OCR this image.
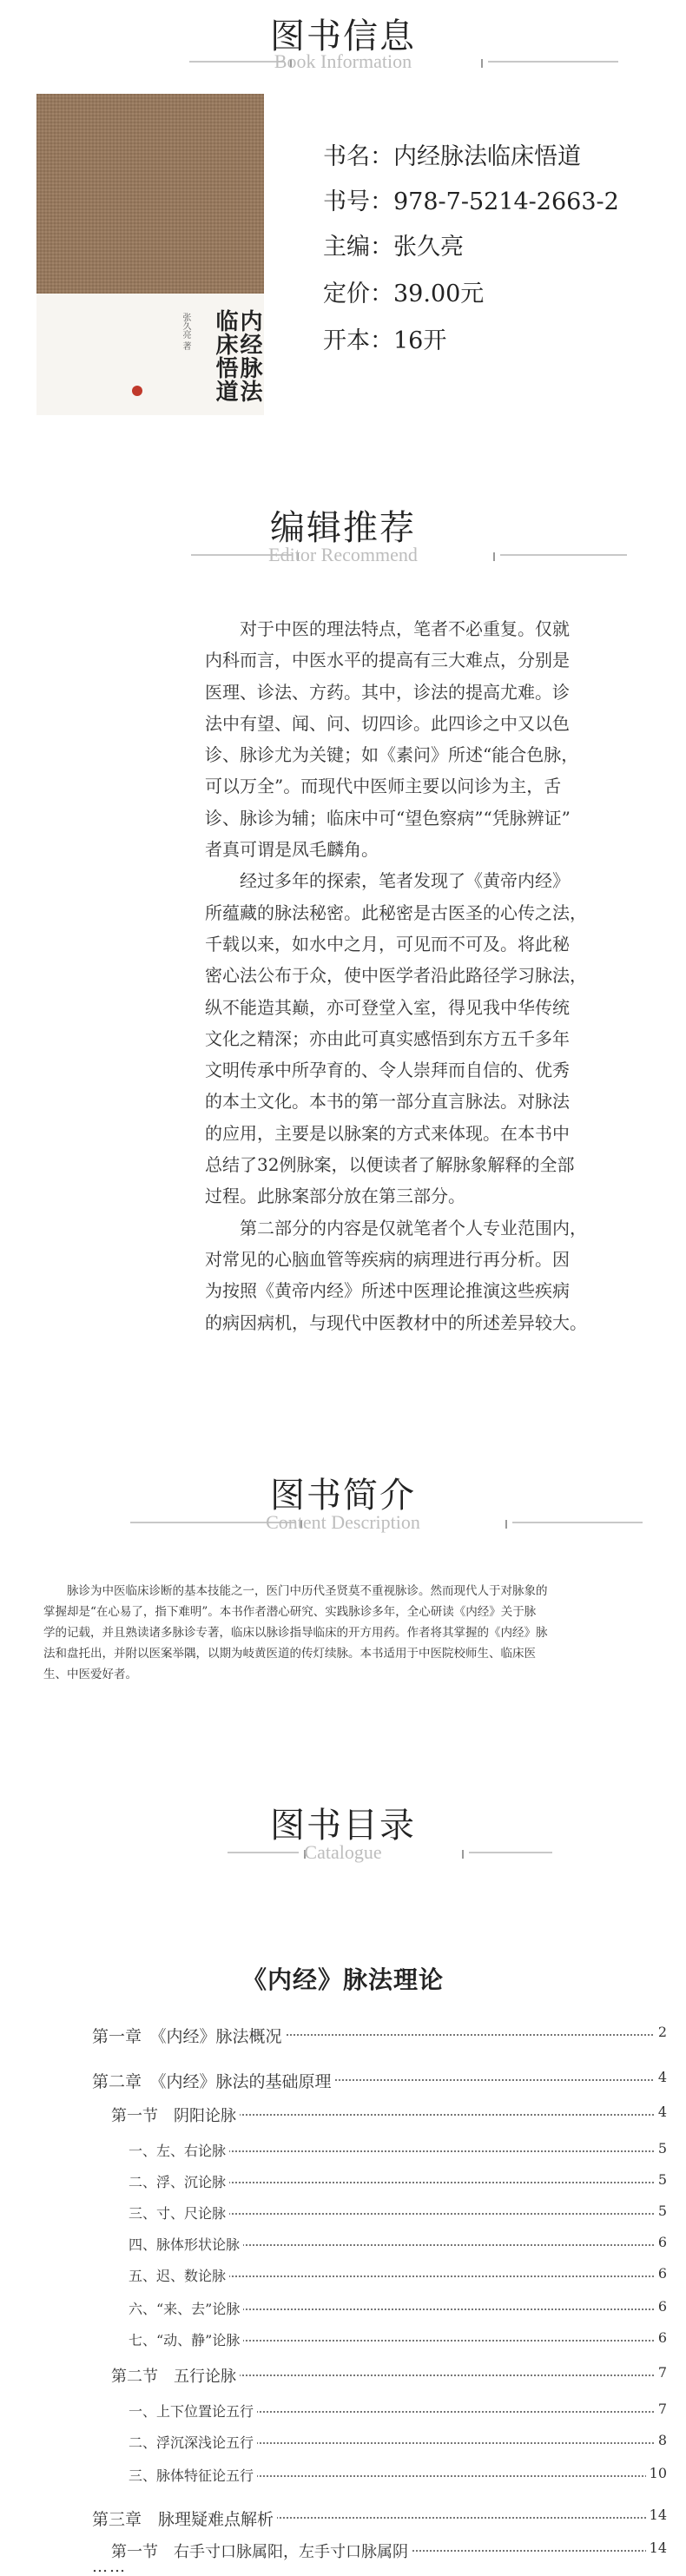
图书信息
Book Information
内经脉法
临床悟道
张久亮 著
书名：内经脉法临床悟道
书号：978-7-5214-2663-2
主编：张久亮
定价：39.00元
开本：16开
编辑推荐
Editor Recommend
　　对于中医的理法特点，笔者不必重复。仅就
内科而言，中医水平的提高有三大难点，分别是
医理、诊法、方药。其中，诊法的提高尤难。诊
法中有望、闻、问、切四诊。此四诊之中又以色
诊、脉诊尤为关键；如《素问》所述“能合色脉，
可以万全”。而现代中医师主要以问诊为主，舌
诊、脉诊为辅；临床中可“望色察病”“凭脉辨证”
者真可谓是凤毛麟角。
　　经过多年的探索，笔者发现了《黄帝内经》
所蕴藏的脉法秘密。此秘密是古医圣的心传之法，
千载以来，如水中之月，可见而不可及。将此秘
密心法公布于众，使中医学者沿此路径学习脉法，
纵不能造其巅，亦可登堂入室，得见我中华传统
文化之精深；亦由此可真实感悟到东方五千多年
文明传承中所孕育的、令人崇拜而自信的、优秀
的本土文化。本书的第一部分直言脉法。对脉法
的应用，主要是以脉案的方式来体现。在本书中
总结了32例脉案，以便读者了解脉象解释的全部
过程。此脉案部分放在第三部分。
　　第二部分的内容是仅就笔者个人专业范围内，
对常见的心脑血管等疾病的病理进行再分析。因
为按照《黄帝内经》所述中医理论推演这些疾病
的病因病机，与现代中医教材中的所述差异较大。
图书简介
Content Description
　　脉诊为中医临床诊断的基本技能之一，医门中历代圣贤莫不重视脉诊。然而现代人于对脉象的
掌握却是“在心易了，指下难明”。本书作者潜心研究、实践脉诊多年，全心研读《内经》关于脉
学的记载，并且熟读诸多脉诊专著，临床以脉诊指导临床的开方用药。作者将其掌握的《内经》脉
法和盘托出，并附以医案举隅，以期为岐黄医道的传灯续脉。本书适用于中医院校师生、临床医
生、中医爱好者。
图书目录
Catalogue
《内经》脉法理论
第一章　《内经》脉法概况	2
第二章　《内经》脉法的基础原理	4
第一节　阴阳论脉	4
一、左、右论脉	5
二、浮、沉论脉	5
三、寸、尺论脉	5
四、脉体形状论脉	6
五、迟、数论脉	6
六、“来、去”论脉	6
七、“动、静”论脉	6
第二节　五行论脉	7
一、上下位置论五行	7
二、浮沉深浅论五行	8
三、脉体特征论五行	10
第三章　脉理疑难点解析	14
第一节　右手寸口脉属阳，左手寸口脉属阴	14
……
